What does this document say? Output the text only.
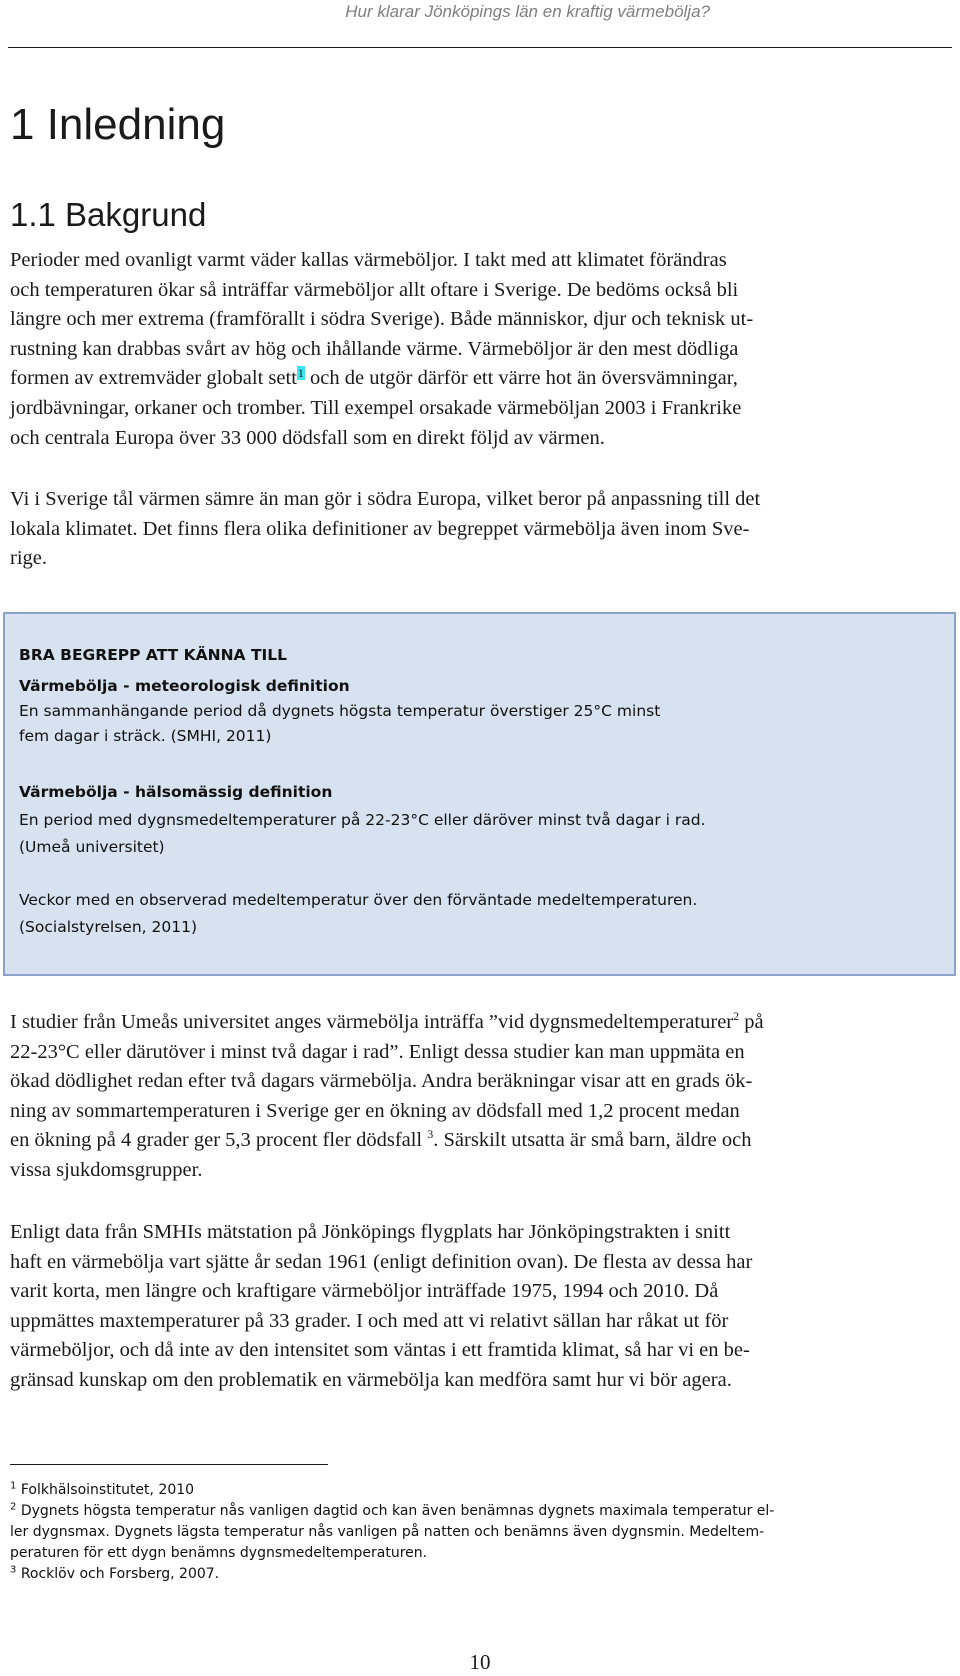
Hur klarar Jönköpings län en kraftig värmebölja?
1 Inledning
1.1 Bakgrund
Perioder med ovanligt varmt väder kallas värmeböljor. I takt med att klimatet förändras
och temperaturen ökar så inträffar värmeböljor allt oftare i Sverige. De bedöms också bli
längre och mer extrema (framförallt i södra Sverige). Både människor, djur och teknisk ut-
rustning kan drabbas svårt av hög och ihållande värme. Värmeböljor är den mest dödliga
formen av extremväder globalt sett$^1$ och de utgör därför ett värre hot än översvämningar,
jordbävningar, orkaner och tromber. Till exempel orsakade värmeböljan 2003 i Frankrike
och centrala Europa över 33 000 dödsfall som en direkt följd av värmen.
Vi i Sverige tål värmen sämre än man gör i södra Europa, vilket beror på anpassning till det
lokala klimatet. Det finns flera olika definitioner av begreppet värmebölja även inom Sve-
rige.

BRA BEGREPP ATT KÄNNA TILL

Värmebölja - meteorologisk definition

En sammanhängande period då dygnets högsta temperatur överstiger 25°C minst

fem dagar i sträck. (SMHI, 2011)

Värmebölja - hälsomässig definition

En period med dygnsmedeltemperaturer på 22-23°C eller däröver minst två dagar i rad.

(Umeå universitet)

Veckor med en observerad medeltemperatur över den förväntade medeltemperaturen.

(Socialstyrelsen, 2011)

I studier från Umeås universitet anges värmebölja inträffa ”vid dygnsmedeltemperaturer$^2$ på
22-23°C eller därutöver i minst två dagar i rad”. Enligt dessa studier kan man uppmäta en
ökad dödlighet redan efter två dagars värmebölja. Andra beräkningar visar att en grads ök-
ning av sommartemperaturen i Sverige ger en ökning av dödsfall med 1,2 procent medan
en ökning på 4 grader ger 5,3 procent fler dödsfall $^3$. Särskilt utsatta är små barn, äldre och
vissa sjukdomsgrupper.
Enligt data från SMHIs mätstation på Jönköpings flygplats har Jönköpingstrakten i snitt
haft en värmebölja vart sjätte år sedan 1961 (enligt definition ovan). De flesta av dessa har
varit korta, men längre och kraftigare värmeböljor inträffade 1975, 1994 och 2010. Då
uppmättes maxtemperaturer på 33 grader. I och med att vi relativt sällan har råkat ut för
värmeböljor, och då inte av den intensitet som väntas i ett framtida klimat, så har vi en be-
gränsad kunskap om den problematik en värmebölja kan medföra samt hur vi bör agera.
$^1$ Folkhälsoinstitutet, 2010
$^2$ Dygnets högsta temperatur nås vanligen dagtid och kan även benämnas dygnets maximala temperatur el-
ler dygnsmax. Dygnets lägsta temperatur nås vanligen på natten och benämns även dygnsmin. Medeltem-
peraturen för ett dygn benämns dygnsmedeltemperaturen.
$^3$ Rocklöv och Forsberg, 2007.
10
